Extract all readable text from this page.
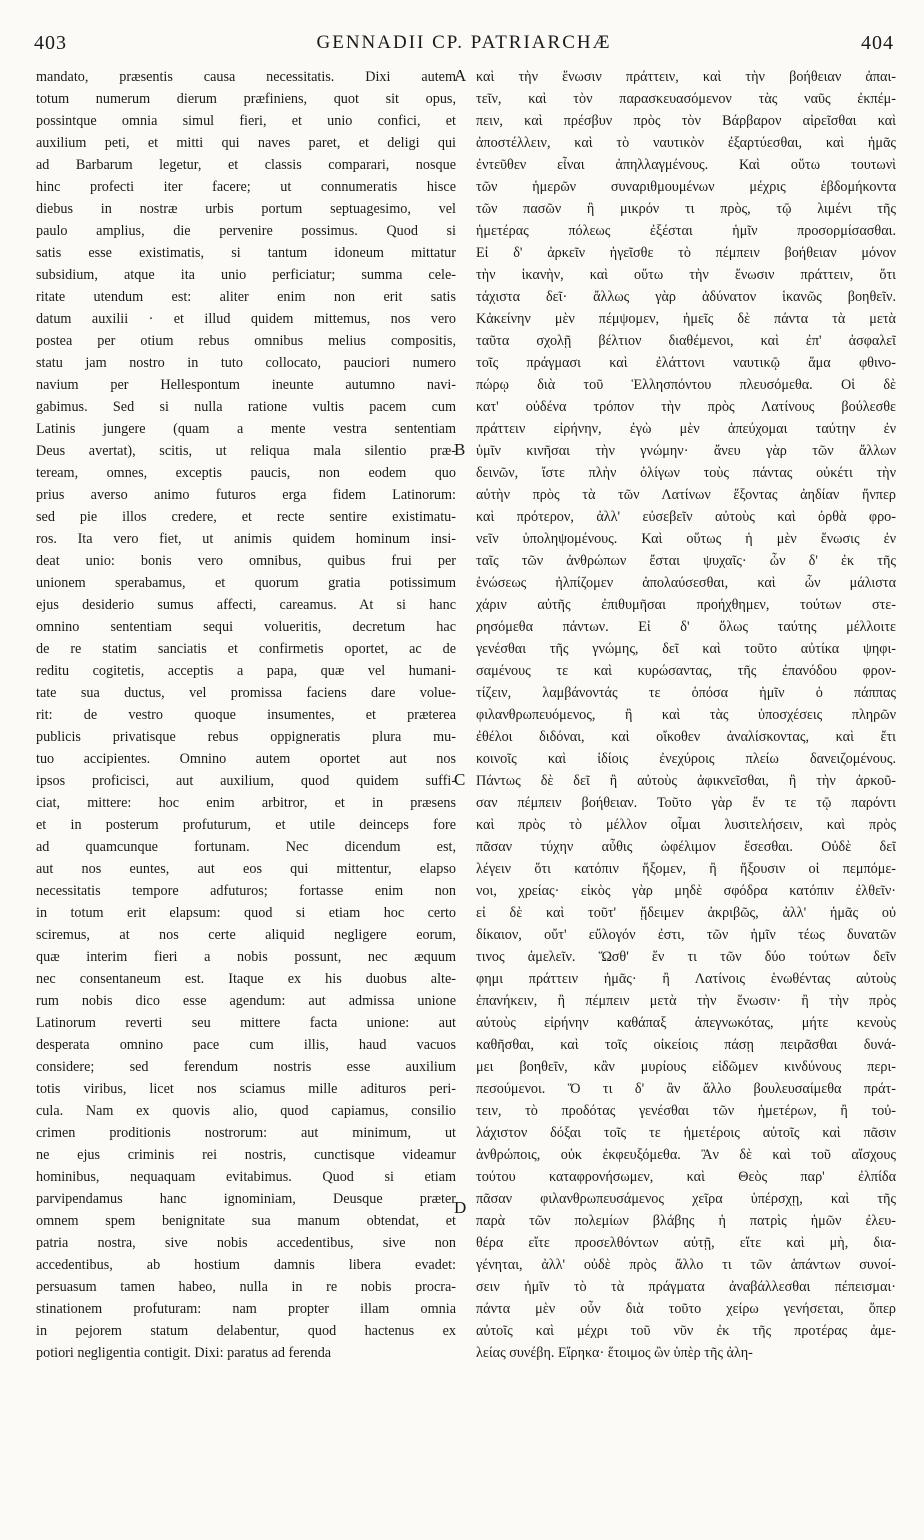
403	GENNADII CP. PATRIARCHÆ	404
mandato, præsentis causa necessitatis. Dixi autem
totum numerum dierum præfiniens, quot sit opus,
possintque omnia simul fieri, et unio confici, et
auxilium peti, et mitti qui naves paret, et deligi qui
ad Barbarum legetur, et classis comparari, nosque
hinc profecti iter facere; ut connumeratis hisce
diebus in nostræ urbis portum septuagesimo, vel
paulo amplius, die pervenire possimus. Quod si
satis esse existimatis, si tantum idoneum mittatur
subsidium, atque ita unio perficiatur; summa cele-
ritate utendum est: aliter enim non erit satis
datum auxilii · et illud quidem mittemus, nos vero
postea per otium rebus omnibus melius compositis,
statu jam nostro in tuto collocato, pauciori numero
navium per Hellespontum ineunte autumno navi-
gabimus. Sed si nulla ratione vultis pacem cum
Latinis jungere (quam a mente vestra sententiam
Deus avertat), scitis, ut reliqua mala silentio præ-
teream, omnes, exceptis paucis, non eodem quo
prius averso animo futuros erga fidem Latinorum:
sed pie illos credere, et recte sentire existimatu-
ros. Ita vero fiet, ut animis quidem hominum insi-
deat unio: bonis vero omnibus, quibus frui per
unionem sperabamus, et quorum gratia potissimum
ejus desiderio sumus affecti, careamus. At si hanc
omnino sententiam sequi volueritis, decretum hac
de re statim sanciatis et confirmetis oportet, ac de
reditu cogitetis, acceptis a papa, quæ vel humani-
tate sua ductus, vel promissa faciens dare volue-
rit: de vestro quoque insumentes, et præterea
publicis privatisque rebus oppigneratis plura mu-
tuo accipientes. Omnino autem oportet aut nos
ipsos proficisci, aut auxilium, quod quidem suffi-
ciat, mittere: hoc enim arbitror, et in præsens
et in posterum profuturum, et utile deinceps fore
ad quamcunque fortunam. Nec dicendum est,
aut nos euntes, aut eos qui mittentur, elapso
necessitatis tempore adfuturos; fortasse enim non
in totum erit elapsum: quod si etiam hoc certo
sciremus, at nos certe aliquid negligere eorum,
quæ interim fieri a nobis possunt, nec æquum
nec consentaneum est. Itaque ex his duobus alte-
rum nobis dico esse agendum: aut admissa unione
Latinorum reverti seu mittere facta unione: aut
desperata omnino pace cum illis, haud vacuos
considere; sed ferendum nostris esse auxilium
totis viribus, licet nos sciamus mille adituros peri-
cula. Nam ex quovis alio, quod capiamus, consilio
crimen proditionis nostrorum: aut minimum, ut
ne ejus criminis rei nostris, cunctisque videamur
hominibus, nequaquam evitabimus. Quod si etiam
parvipendamus hanc ignominiam, Deusque præter
omnem spem benignitate sua manum obtendat, et
patria nostra, sive nobis accedentibus, sive non
accedentibus, ab hostium damnis libera evadet:
persuasum tamen habeo, nulla in re nobis procra-
stinationem profuturam: nam propter illam omnia
in pejorem statum delabentur, quod hactenus ex
potiori negligentia contigit. Dixi: paratus ad ferenda
καὶ τὴν ἕνωσιν πράττειν, καὶ τὴν βοήθειαν ἀπαι-
τεῖν, καὶ τὸν παρασκευασόμενον τὰς ναῦς ἐκπέμ-
πειν, καὶ πρέσβυν πρὸς τὸν Βάρβαρον αἱρεῖσθαι καὶ
ἀποστέλλειν, καὶ τὸ ναυτικὸν ἐξαρτύεσθαι, καὶ ἡμᾶς
ἐντεῦθεν εἶναι ἀπηλλαγμένους. Καὶ οὕτω τουτωνὶ
τῶν ἡμερῶν συναριθμουμένων μέχρις ἑβδομήκοντα
τῶν πασῶν ἢ μικρόν τι πρὸς, τῷ λιμένι τῆς
ἡμετέρας πόλεως ἐξέσται ἡμῖν προσορμίσασθαι.
Εἰ δ' ἀρκεῖν ἡγεῖσθε τὸ πέμπειν βοήθειαν μόνον
τὴν ἱκανὴν, καὶ οὕτω τὴν ἕνωσιν πράττειν, ὅτι
τάχιστα δεῖ· ἄλλως γὰρ ἀδύνατον ἱκανῶς βοηθεῖν.
Κἀκείνην μὲν πέμψομεν, ἡμεῖς δὲ πάντα τὰ μετὰ
ταῦτα σχολῇ βέλτιον διαθέμενοι, καὶ ἐπ' ἀσφαλεῖ
τοῖς πράγμασι καὶ ἐλάττονι ναυτικῷ ἅμα φθινο-
πώρῳ διὰ τοῦ Ἑλλησπόντου πλευσόμεθα. Οἱ δὲ
κατ' οὐδένα τρόπον τὴν πρὸς Λατίνους βούλεσθε
πράττειν εἰρήνην, ἐγὼ μὲν ἀπεύχομαι ταύτην ἐν
ὑμῖν κινῆσαι τὴν γνώμην· ἄνευ γὰρ τῶν ἄλλων
δεινῶν, ἴστε πλὴν ὀλίγων τοὺς πάντας οὐκέτι τὴν
αὐτὴν πρὸς τὰ τῶν Λατίνων ἕξοντας ἀηδίαν ἥνπερ
καὶ πρότερον, ἀλλ' εὐσεβεῖν αὐτοὺς καὶ ὀρθὰ φρο-
νεῖν ὑποληψομένους. Καὶ οὕτως ἡ μὲν ἕνωσις ἐν
ταῖς τῶν ἀνθρώπων ἔσται ψυχαῖς· ὧν δ' ἐκ τῆς
ἑνώσεως ἠλπίζομεν ἀπολαύσεσθαι, καὶ ὧν μάλιστα
χάριν αὐτῆς ἐπιθυμῆσαι προήχθημεν, τούτων στε-
ρησόμεθα πάντων. Εἰ δ' ὅλως ταύτης μέλλοιτε
γενέσθαι τῆς γνώμης, δεῖ καὶ τοῦτο αὐτίκα ψηφι-
σαμένους τε καὶ κυρώσαντας, τῆς ἐπανόδου φρον-
τίζειν, λαμβάνοντάς τε ὁπόσα ἡμῖν ὁ πάππας
φιλανθρωπευόμενος, ἢ καὶ τὰς ὑποσχέσεις πληρῶν
ἐθέλοι διδόναι, καὶ οἴκοθεν ἀναλίσκοντας, καὶ ἔτι
κοινοῖς καὶ ἰδίοις ἐνεχύροις πλείω δανειζομένους.
Πάντως δὲ δεῖ ἢ αὐτοὺς ἀφικνεῖσθαι, ἢ τὴν ἀρκοῦ-
σαν πέμπειν βοήθειαν. Τοῦτο γὰρ ἔν τε τῷ παρόντι
καὶ πρὸς τὸ μέλλον οἶμαι λυσιτελήσειν, καὶ πρὸς
πᾶσαν τύχην αὖθις ὠφέλιμον ἔσεσθαι. Οὐδὲ δεῖ
λέγειν ὅτι κατόπιν ἥξομεν, ἢ ἥξουσιν οἱ πεμπόμε-
νοι, χρείας· εἰκὸς γὰρ μηδὲ σφόδρα κατόπιν ἐλθεῖν·
εἰ δὲ καὶ τοῦτ' ᾔδειμεν ἀκριβῶς, ἀλλ' ἡμᾶς οὐ
δίκαιον, οὔτ' εὔλογόν ἐστι, τῶν ἡμῖν τέως δυνατῶν
τινος ἀμελεῖν. Ὥσθ' ἕν τι τῶν δύο τούτων δεῖν
φημι πράττειν ἡμᾶς· ἢ Λατίνοις ἑνωθέντας αὐτοὺς
ἐπανήκειν, ἢ πέμπειν μετὰ τὴν ἕνωσιν· ἢ τὴν πρὸς
αὐτοὺς εἰρήνην καθάπαξ ἀπεγνωκότας, μήτε κενοὺς
καθῆσθαι, καὶ τοῖς οἰκείοις πάσῃ πειρᾶσθαι δυνά-
μει βοηθεῖν, κἂν μυρίους εἰδῶμεν κινδύνους περι-
πεσούμενοι. Ὅ τι δ' ἂν ἄλλο βουλευσαίμεθα πράτ-
τειν, τὸ προδότας γενέσθαι τῶν ἡμετέρων, ἢ τοὐ-
λάχιστον δόξαι τοῖς τε ἡμετέροις αὐτοῖς καὶ πᾶσιν
ἀνθρώποις, οὐκ ἐκφευξόμεθα. Ἂν δὲ καὶ τοῦ αἴσχους
τούτου καταφρονήσωμεν, καὶ Θεὸς παρ' ἐλπίδα
πᾶσαν φιλανθρωπευσάμενος χεῖρα ὑπέρσχῃ, καὶ τῆς
παρὰ τῶν πολεμίων βλάβης ἡ πατρὶς ἡμῶν ἐλευ-
θέρα εἴτε προσελθόντων αὐτῇ, εἴτε καὶ μὴ, δια-
γένηται, ἀλλ' οὐδὲ πρὸς ἄλλο τι τῶν ἁπάντων συνοί-
σειν ἡμῖν τὸ τὰ πράγματα ἀναβάλλεσθαι πέπεισμαι·
πάντα μὲν οὖν διὰ τοῦτο χείρω γενήσεται, ὅπερ
αὐτοῖς καὶ μέχρι τοῦ νῦν ἐκ τῆς προτέρας ἀμε-
λείας συνέβη. Εἴρηκα· ἕτοιμος ὢν ὑπὲρ τῆς ἀλη-
A
B
C
D
